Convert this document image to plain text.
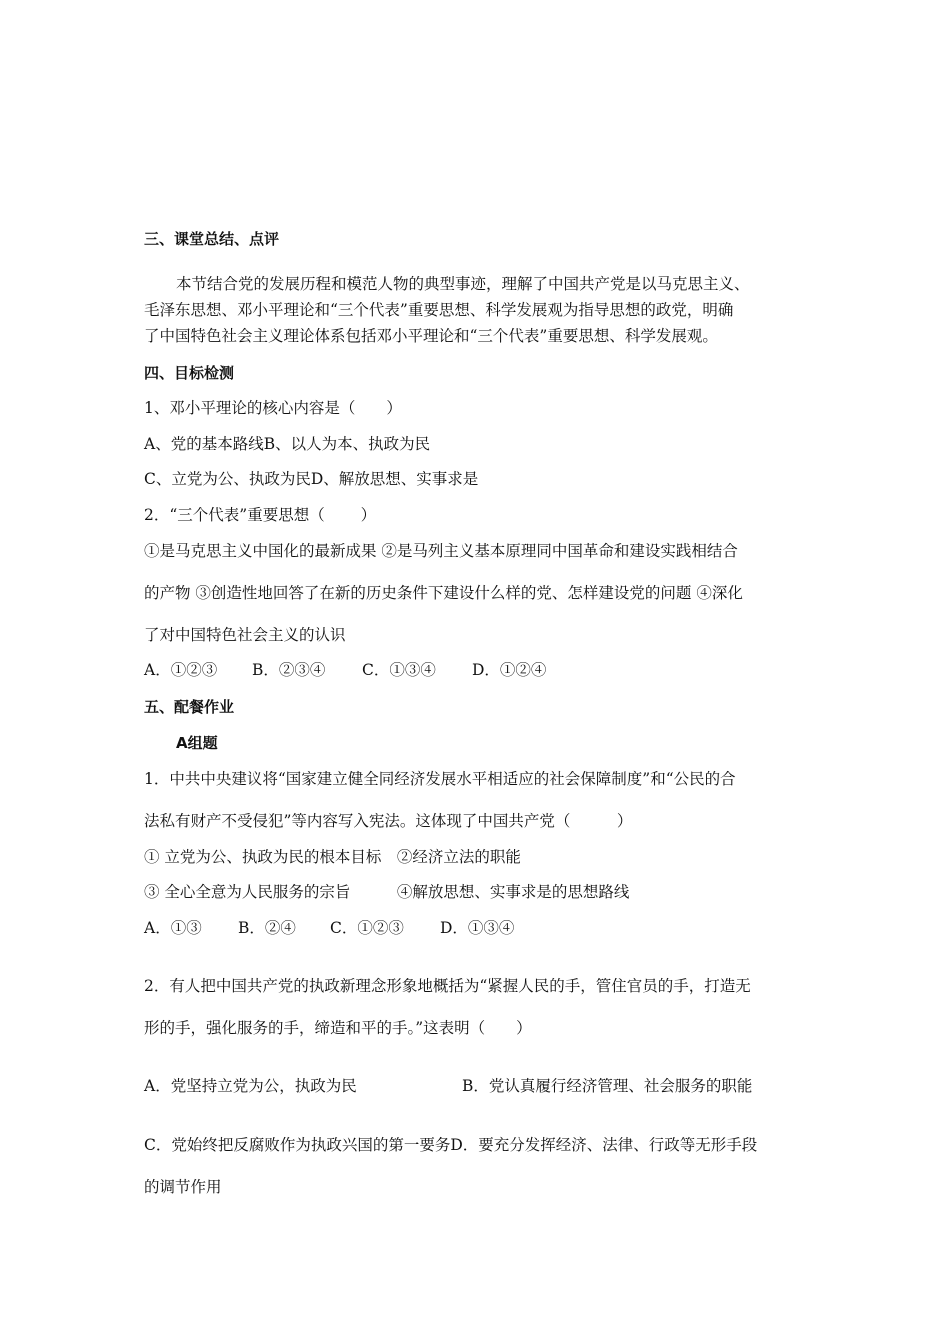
三、课堂总结、点评
本节结合党的发展历程和模范人物的典型事迹，理解了中国共产党是以马克思主义、
毛泽东思想、邓小平理论和“三个代表”重要思想、科学发展观为指导思想的政党，明确
了中国特色社会主义理论体系包括邓小平理论和“三个代表”重要思想、科学发展观。
四、目标检测
1、邓小平理论的核心内容是（　　）
A、党的基本路线B、以人为本、执政为民
C、立党为公、执政为民D、解放思想、实事求是
2．“三个代表”重要思想（　　 ）
①是马克思主义中国化的最新成果 ②是马列主义基本原理同中国革命和建设实践相结合
的产物 ③创造性地回答了在新的历史条件下建设什么样的党、怎样建设党的问题 ④深化
了对中国特色社会主义的认识
A．①②③ B．②③④ C．①③④ D．①②④
五、配餐作业
A组题
1．中共中央建议将“国家建立健全同经济发展水平相适应的社会保障制度”和“公民的合
法私有财产不受侵犯”等内容写入宪法。这体现了中国共产党（　　　）
① 立党为公、执政为民的根本目标　②经济立法的职能
③ 全心全意为人民服务的宗旨　　　④解放思想、实事求是的思想路线
A．①③ B．②④ C．①②③ D．①③④
2．有人把中国共产党的执政新理念形象地概括为“紧握人民的手，管住官员的手，打造无
形的手，强化服务的手，缔造和平的手。”这表明（　　）
A．党坚持立党为公，执政为民	B．党认真履行经济管理、社会服务的职能
C．党始终把反腐败作为执政兴国的第一要务D．要充分发挥经济、法律、行政等无形手段
的调节作用
